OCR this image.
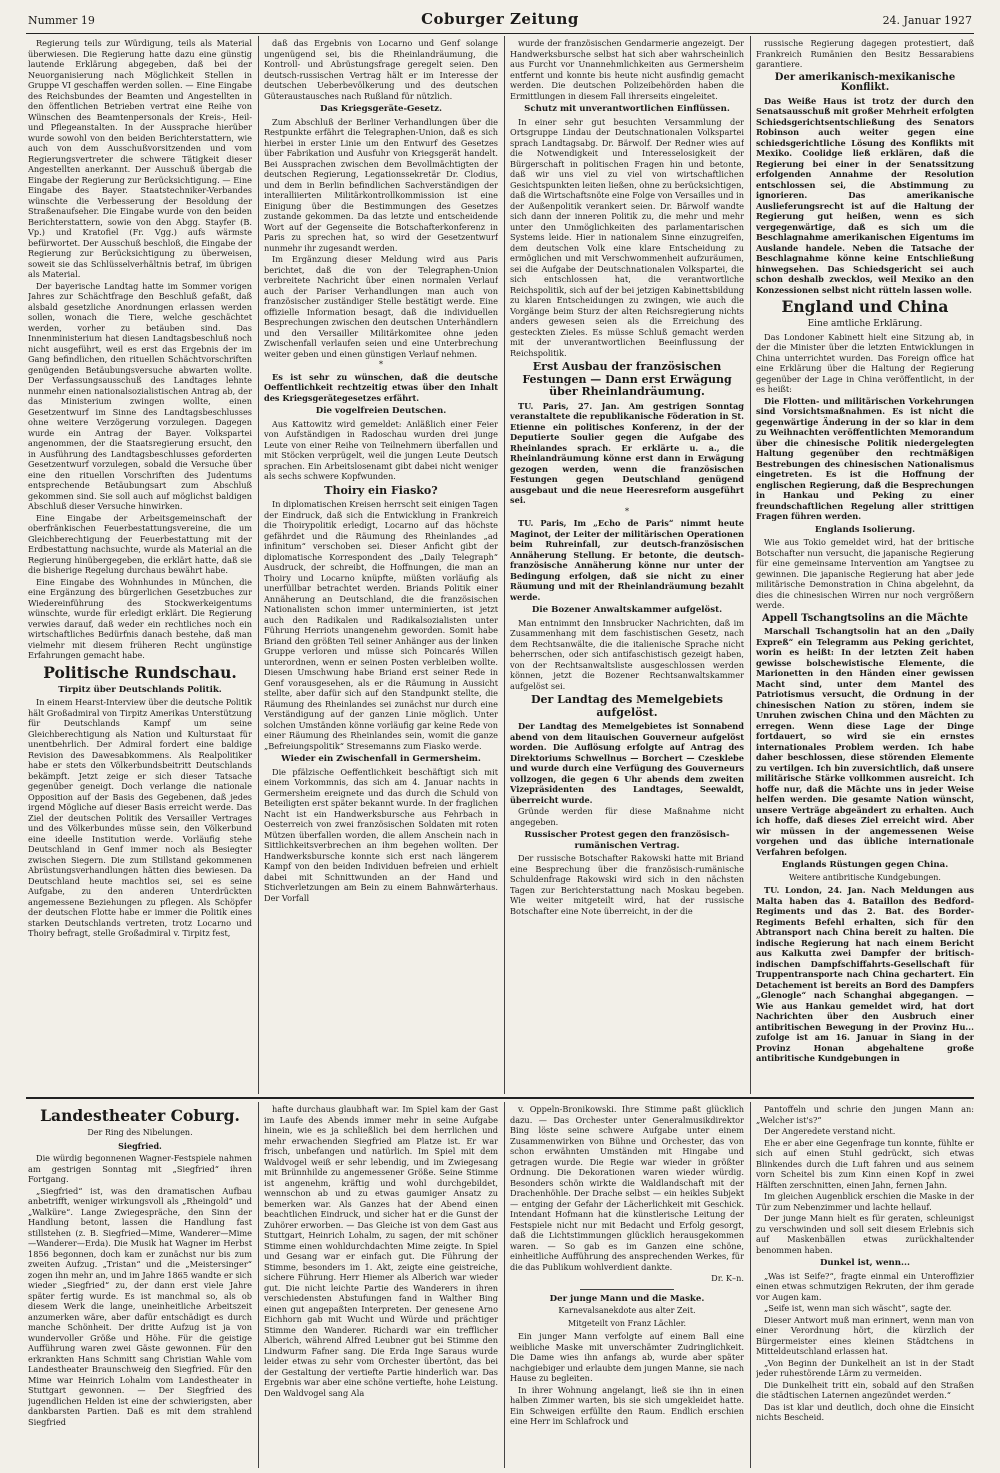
Nummer 19	Coburger Zeitung	24. Januar 1927

Regierung teils zur Würdigung, teils als Material überwiesen. Die Regierung hatte dazu eine günstig lautende Erklärung abgegeben, daß bei der Neuorganisierung nach Möglichkeit Stellen in Gruppe VI geschaffen werden sollen. — Eine Eingabe des Reichsbundes der Beamten und Angestellten in den öffentlichen Betrieben vertrat eine Reihe von Wünschen des Beamtenpersonals der Kreis-, Heil- und Pflegeanstalten. In der Aussprache hierüber wurde sowohl von den beiden Berichterstattern, wie auch von dem Ausschußvorsitzenden und vom Regierungsvertreter die schwere Tätigkeit dieser Angestellten anerkannt. Der Ausschuß übergab die Eingabe der Regierung zur Berücksichtigung. — Eine Eingabe des Bayer. Staatstechniker-Verbandes wünschte die Verbesserung der Besoldung der Straßenaufseher. Die Eingabe wurde von den beiden Berichterstattern, sowie von den Abgg. Stayfer (B. Vp.) und Kratofiel (Fr. Vgg.) aufs wärmste befürwortet. Der Ausschuß beschloß, die Eingabe der Regierung zur Berücksichtigung zu überweisen, soweit sie das Schlüsselverhältnis betraf, im übrigen als Material.

Der bayerische Landtag hatte im Sommer vorigen Jahres zur Schächtfrage den Beschluß gefaßt, daß alsbald gesetzliche Anordnungen erlassen werden sollen, wonach die Tiere, welche geschächtet werden, vorher zu betäuben sind. Das Innenministerium hat diesen Landtagsbeschluß noch nicht ausgeführt, weil es erst das Ergebnis der im Gang befindlichen, den rituellen Schächtvorschriften genügenden Betäubungsversuche abwarten wollte. Der Verfassungsausschuß des Landtages lehnte nunmehr einen nationalsozialistischen Antrag ab, der das Ministerium zwingen wollte, einen Gesetzentwurf im Sinne des Landtagsbeschlusses ohne weitere Verzögerung vorzulegen. Dagegen wurde ein Antrag der Bayer. Volkspartei angenommen, der die Staatsregierung ersucht, den in Ausführung des Landtagsbeschlusses geforderten Gesetzentwurf vorzulegen, sobald die Versuche über eine den rituellen Vorschriften des Judentums entsprechende Betäubungsart zum Abschluß gekommen sind. Sie soll auch auf möglichst baldigen Abschluß dieser Versuche hinwirken.

Eine Eingabe der Arbeitsgemeinschaft der oberfränkischen Feuerbestattungsvereine, die um Gleichberechtigung der Feuerbestattung mit der Erdbestattung nachsuchte, wurde als Material an die Regierung hinübergegeben, die erklärt hatte, daß sie die bisherige Regelung durchaus bewährt habe.

Eine Eingabe des Wohnhundes in München, die eine Ergänzung des bürgerlichen Gesetzbuches zur Wiedereinführung des Stockwerkeigentums wünschte, wurde für erledigt erklärt. Die Regierung verwies darauf, daß weder ein rechtliches noch ein wirtschaftliches Bedürfnis danach bestehe, daß man vielmehr mit diesem früheren Recht ungünstige Erfahrungen gemacht habe.

Politische Rundschau.
Tirpitz über Deutschlands Politik.

In einem Hearst-Interview über die deutsche Politik hält Großadmiral von Tirpitz Amerikas Unterstützung für Deutschlands Kampf um seine Gleichberechtigung als Nation und Kulturstaat für unentbehrlich. Der Admiral fordert eine baldige Revision des Dawesabkommens. Als Realpolitiker habe er stets den Völkerbundsbeitritt Deutschlands bekämpft. Jetzt zeige er sich dieser Tatsache gegenüber geneigt. Doch verlange die nationale Opposition auf der Basis des Gegebenen, daß jedes irgend Mögliche auf dieser Basis erreicht werde. Das Ziel der deutschen Politik des Versailler Vertrages und des Völkerbundes müsse sein, den Völkerbund eine ideelle Institution werde. Vorläufig stehe Deutschland in Genf immer noch als Besiegter zwischen Siegern. Die zum Stillstand gekommenen Abrüstungsverhandlungen hätten dies bewiesen. Da Deutschland heute machtlos sei, sei es seine Aufgabe, zu den anderen Unterdrückten angemessene Beziehungen zu pflegen. Als Schöpfer der deutschen Flotte habe er immer die Politik eines starken Deutschlands vertreten, trotz Locarno und Thoiry befragt, stelle Großadmiral v. Tirpitz fest,

daß das Ergebnis von Locarno und Genf solange ungenügend sei, bis die Rheinlandräumung, die Kontroll- und Abrüstungsfrage geregelt seien. Den deutsch-russischen Vertrag hält er im Interesse der deutschen Ueberbevölkerung und des deutschen Güteraustausches nach Rußland für nützlich.

Das Kriegsgeräte-Gesetz.

Zum Abschluß der Berliner Verhandlungen über die Restpunkte erfährt die Telegraphen-Union, daß es sich hierbei in erster Linie um den Entwurf des Gesetzes über Fabrikation und Ausfuhr von Kriegsgerät handelt. Bei Aussprachen zwischen dem Bevollmächtigten der deutschen Regierung, Legationssekretär Dr. Clodius, und dem in Berlin befindlichen Sachverständigen der interalliierten Militärkontrollkommission ist eine Einigung über die Bestimmungen des Gesetzes zustande gekommen. Da das letzte und entscheidende Wort auf der Gegenseite die Botschafterkonferenz in Paris zu sprechen hat, so wird der Gesetzentwurf nunmehr ihr zugesandt werden.

Im Ergänzung dieser Meldung wird aus Paris berichtet, daß die von der Telegraphen-Union verbreitete Nachricht über einen normalen Verlauf auch der Pariser Verhandlungen man auch von französischer zuständiger Stelle bestätigt werde. Eine offizielle Information besagt, daß die individuellen Besprechungen zwischen den deutschen Unterhändlern und den Versailler Militärkomitee ohne jeden Zwischenfall verlaufen seien und eine Unterbrechung weiter geben und einen günstigen Verlauf nehmen.

*

Es ist sehr zu wünschen, daß die deutsche Oeffentlichkeit rechtzeitig etwas über den Inhalt des Kriegsgerätegesetzes erfährt.

Die vogelfreien Deutschen.

Aus Kattowitz wird gemeldet: Anläßlich einer Feier von Aufständigen in Radoschau wurden drei junge Leute von einer Reihe von Teilnehmern überfallen und mit Stöcken verprügelt, weil die jungen Leute Deutsch sprachen. Ein Arbeitslosenamt gibt dabei nicht weniger als sechs schwere Kopfwunden.

Thoiry ein Fiasko?

In diplomatischen Kreisen herrscht seit einigen Tagen der Eindruck, daß sich die Entwicklung in Frankreich die Thoirypolitik erledigt, Locarno auf das höchste gefährdet und die Räumung des Rheinlandes „ad infinitum“ verschoben sei. Dieser Anficht gibt der diplomatische Korrespondent des „Daily Telegraph“ Ausdruck, der schreibt, die Hoffnungen, die man an Thoiry und Locarno knüpfte, müßten vorläufig als unerfüllbar betrachtet werden. Briands Politik einer Annäherung an Deutschland, die die französischen Nationalisten schon immer unterminierten, ist jetzt auch den Radikalen und Radikalsozialisten unter Führung Herriots unangenehm geworden. Somit habe Briand den größten Teil seiner Anhänger aus der linken Gruppe verloren und müsse sich Poincarés Willen unterordnen, wenn er seinen Posten verbleiben wollte. Diesen Umschwung habe Briand erst seiner Rede in Genf vorausgesehen, als er die Räumung in Aussicht stellte, aber dafür sich auf den Standpunkt stellte, die Räumung des Rheinlandes sei zunächst nur durch eine Verständigung auf der ganzen Linie möglich. Unter solchen Umständen könne vorläufig gar keine Rede von einer Räumung des Rheinlandes sein, womit die ganze „Befreiungspolitik“ Stresemanns zum Fiasko werde.

Wieder ein Zwischenfall in Germersheim.

Die pfälzische Oeffentlichkeit beschäftigt sich mit einem Vorkommnis, das sich am 4. Januar nachts in Germersheim ereignete und das durch die Schuld von Beteiligten erst später bekannt wurde. In der fraglichen Nacht ist ein Handwerksbursche aus Fehrbach in Oesterreich von zwei französischen Soldaten mit roten Mützen überfallen worden, die allem Anschein nach in Sittlichkeitsverbrechen an ihm begehen wollten. Der Handwerksbursche konnte sich erst nach längerem Kampf von den beiden Individuen befreien und erhielt dabei mit Schnittwunden an der Hand und Stichverletzungen am Bein zu einem Bahnwärterhaus. Der Vorfall

wurde der französischen Gendarmerie angezeigt. Der Handwerksbursche selbst hat sich aber wahrscheinlich aus Furcht vor Unannehmlichkeiten aus Germersheim entfernt und konnte bis heute nicht ausfindig gemacht werden. Die deutschen Polizeibehörden haben die Ermittlungen in diesem Fall ihrerseits eingeleitet.

Schutz mit unverantwortlichen Einflüssen.

In einer sehr gut besuchten Versammlung der Ortsgruppe Lindau der Deutschnationalen Volkspartei sprach Landtagsabg. Dr. Bärwolf. Der Redner wies auf die Notwendigkeit und Interesselosigkeit der Bürgerschaft in politischen Fragen hin und betonte, daß wir uns viel zu viel von wirtschaftlichen Gesichtspunkten leiten ließen, ohne zu berücksichtigen, daß die Wirtschaftsnöte eine Folge von Versailles und in der Außenpolitik verankert seien. Dr. Bärwolf wandte sich dann der inneren Politik zu, die mehr und mehr unter den Unmöglichkeiten des parlamentarischen Systems leide. Hier in nationalem Sinne einzugreifen, dem deutschen Volk eine klare Entscheidung zu ermöglichen und mit Verschwommenheit aufzuräumen, sei die Aufgabe der Deutschnationalen Volkspartei, die sich entschlossen hat, die verantwortliche Reichspolitik, sich auf der bei jetzigen Kabinettsbildung zu klaren Entscheidungen zu zwingen, wie auch die Vorgänge beim Sturz der alten Reichsregierung nichts anders gewesen seien als die Erreichung des gesteckten Zieles. Es müsse Schluß gemacht werden mit der unverantwortlichen Beeinflussung der Reichspolitik.

Erst Ausbau der französischen Festungen — Dann erst Erwägung über Rheinlandräumung.

TU. Paris, 27. Jan. Am gestrigen Sonntag veranstaltete die republikanische Föderation in St. Etienne ein politisches Konferenz, in der der Deputierte Soulier gegen die Aufgabe des Rheinlandes sprach. Er erklärte u. a., die Rheinlandräumung könne erst dann in Erwägung gezogen werden, wenn die französischen Festungen gegen Deutschland genügend ausgebaut und die neue Heeresreform ausgeführt sei.

*

TU. Paris, Im „Echo de Paris“ nimmt heute Maginot, der Leiter der militärischen Operationen beim Ruhreinfall, zur deutsch-französischen Annäherung Stellung. Er betonte, die deutsch-französische Annäherung könne nur unter der Bedingung erfolgen, daß sie nicht zu einer Räumung und mit der Rheinlandräumung bezahlt werde.

Die Bozener Anwaltskammer aufgelöst.

Man entnimmt den Innsbrucker Nachrichten, daß im Zusammenhang mit dem faschistischen Gesetz, nach dem Rechtsanwälte, die die italienische Sprache nicht beherrschen, oder sich antifaschistisch gezeigt haben, von der Rechtsanwaltsliste ausgeschlossen werden können, jetzt die Bozener Rechtsanwaltskammer aufgelöst sei.

Der Landtag des Memelgebiets aufgelöst.

Der Landtag des Memelgebietes ist Sonnabend abend von dem litauischen Gouverneur aufgelöst worden. Die Auflösung erfolgte auf Antrag des Direktoriums Schwellnus — Borchert — Czesklebe und wurde durch eine Verfügung des Gouverneurs vollzogen, die gegen 6 Uhr abends dem zweiten Vizepräsidenten des Landtages, Seewaldt, überreicht wurde.

Gründe werden für diese Maßnahme nicht angegeben.

Russischer Protest gegen den französisch-rumänischen Vertrag.

Der russische Botschafter Rakowski hatte mit Briand eine Besprechung über die französisch-rumänische Schuldenfrage Rakowski wird sich in den nächsten Tagen zur Berichterstattung nach Moskau begeben. Wie weiter mitgeteilt wird, hat der russische Botschafter eine Note überreicht, in der die

russische Regierung dagegen protestiert, daß Frankreich Rumänien den Besitz Bessarabiens garantiere.

Der amerikanisch-mexikanische Konflikt.

Das Weiße Haus ist trotz der durch den Senatsausschuß mit großer Mehrheit erfolgten Schiedsgerichtsentschließung des Senators Robinson auch weiter gegen eine schiedsgerichtliche Lösung des Konflikts mit Mexiko. Coolidge ließ erklären, daß die Regierung bei einer in der Senatssitzung erfolgenden Annahme der Resolution entschlossen sei, die Abstimmung zu ignorieren. Das amerikanische Auslieferungsrecht ist auf die Haltung der Regierung gut heißen, wenn es sich vergegenwärtige, daß es sich um die Beschlagnahme amerikanischen Eigentums im Auslande handele. Neben die Tatsache der Beschlagnahme könne keine Entschließung hinwegsehen. Das Schiedsgericht sei auch schon deshalb zwecklos, weil Mexiko an den Konzessionen selbst nicht rütteln lassen wolle.

England und China
Eine amtliche Erklärung.

Das Londoner Kabinett hielt eine Sitzung ab, in der die Minister über die letzten Entwicklungen in China unterrichtet wurden. Das Foreign office hat eine Erklärung über die Haltung der Regierung gegenüber der Lage in China veröffentlicht, in der es heißt:

Die Flotten- und militärischen Vorkehrungen sind Vorsichtsmaßnahmen. Es ist nicht die gegenwärtige Änderung in der so klar in dem zu Weihnachten veröffentlichten Memorandum über die chinesische Politik niedergelegten Haltung gegenüber den rechtmäßigen Bestrebungen des chinesischen Nationalismus eingetreten. Es ist die Hoffnung der englischen Regierung, daß die Besprechungen in Hankau und Peking zu einer freundschaftlichen Regelung aller strittigen Fragen führen werden.

Englands Isolierung.

Wie aus Tokio gemeldet wird, hat der britische Botschafter nun versucht, die japanische Regierung für eine gemeinsame Intervention am Yangtsee zu gewinnen. Die japanische Regierung hat aber jede militärische Demonstration in China abgelehnt, da dies die chinesischen Wirren nur noch vergrößern werde.

Appell Tschangtsolins an die Mächte

Marschall Tschangtsolin hat an den „Daily Expreß“ ein Telegramm aus Peking gerichtet, worin es heißt: In der letzten Zeit haben gewisse bolschewistische Elemente, die Marionetten in den Händen einer gewissen Macht sind, unter dem Mantel des Patriotismus versucht, die Ordnung in der chinesischen Nation zu stören, indem sie Unruhen zwischen China und den Mächten zu erregen. Wenn diese Lage der Dinge fortdauert, so wird sie ein ernstes internationales Problem werden. Ich habe daher beschlossen, diese störenden Elemente zu vertilgen. Ich bin zuversichtlich, daß unsere militärische Stärke vollkommen ausreicht. Ich hoffe nur, daß die Mächte uns in jeder Weise helfen werden. Die gesamte Nation wünscht, unsere Verträge abgeändert zu erhalten. Auch ich hoffe, daß dieses Ziel erreicht wird. Aber wir müssen in der angemessenen Weise vorgehen und das übliche internationale Verfahren befolgen.

Englands Rüstungen gegen China.
Weitere antibritische Kundgebungen.

TU. London, 24. Jan. Nach Meldungen aus Malta haben das 4. Bataillon des Bedford-Regiments und das 2. Bat. des Border-Regiments Befehl erhalten, sich für den Abtransport nach China bereit zu halten. Die indische Regierung hat nach einem Bericht aus Kalkutta zwei Dampfer der britisch-indischen Dampfschiffahrts-Gesellschaft für Truppentransporte nach China gechartert. Ein Detachement ist bereits an Bord des Dampfers „Glenogle“ nach Schanghai abgegangen. — Wie aus Hankau gemeldet wird, hat dort Nachrichten über den Ausbruch einer antibritischen Bewegung in der Provinz Hu... zufolge ist am 16. Januar in Siang in der Provinz Honan abgehaltene große antibritische Kundgebungen in

Landestheater Coburg.
Der Ring des Nibelungen.
Siegfried.

Die würdig begonnenen Wagner-Festspiele nahmen am gestrigen Sonntag mit „Siegfried“ ihren Fortgang.

„Siegfried“ ist, was den dramatischen Aufbau anbetrifft, weniger wirkungsvoll als „Rheingold“ und „Walküre“. Lange Zwiegespräche, den Sinn der Handlung betont, lassen die Handlung fast stillstehen (z. B. Siegfried—Mime, Wanderer—Mime—Wanderer—Erda). Die Musik hat Wagner im Herbst 1856 begonnen, doch kam er zunächst nur bis zum zweiten Aufzug. „Tristan“ und die „Meistersinger“ zogen ihn mehr an, und im Jahre 1865 wandte er sich wieder „Siegfried“ zu, der dann erst viele Jahre später fertig wurde. Es ist manchmal so, als ob diesem Werk die lange, uneinheitliche Arbeitszeit anzumerken wäre, aber dafür entschädigt es durch manche Schönheit. Der dritte Aufzug ist ja von wundervoller Größe und Höhe. Für die geistige Aufführung waren zwei Gäste gewonnen. Für den erkrankten Hans Schmitt sang Christian Wahle vom Landestheater Braunschweig den Siegfried. Für den Mime war Heinrich Lohalm vom Landestheater in Stuttgart gewonnen. — Der Siegfried des jugendlichen Helden ist eine der schwierigsten, aber dankbarsten Partien. Daß es mit dem strahlend Siegfried

hafte durchaus glaubhaft war. Im Spiel kam der Gast im Laufe des Abends immer mehr in seine Aufgabe hinein, wie es ja schließlich bei dem herrlichen und mehr erwachenden Siegfried am Platze ist. Er war frisch, unbefangen und natürlich. Im Spiel mit dem Waldvogel weiß er sehr lebendig, und im Zwiegesang mit Brünnhilde zu angemessener Größe. Seine Stimme ist angenehm, kräftig und wohl durchgebildet, wennschon ab und zu etwas gaumiger Ansatz zu bemerken war. Als Ganzes hat der Abend einen beachtlichen Eindruck, und sicher hat er die Gunst der Zuhörer erworben. — Das Gleiche ist von dem Gast aus Stuttgart, Heinrich Lohalm, zu sagen, der mit schöner Stimme einen wohldurchdachten Mime zeigte. In Spiel und Gesang war er einfach gut. Die Führung der Stimme, besonders im 1. Akt, zeigte eine geistreiche, sichere Führung. Herr Hiemer als Alberich war wieder gut. Die nicht leichte Partie des Wanderers in ihren verschiedensten Abstufungen fand in Walther Bing einen gut angepaßten Interpreten. Der genesene Arno Eichhorn gab mit Wucht und Würde und prächtiger Stimme den Wanderer. Richardi war ein trefflicher Alberich, während Alfred Leubner gut bei Stimme den Lindwurm Fafner sang. Die Erda Inge Saraus wurde leider etwas zu sehr vom Orchester übertönt, das bei der Gestaltung der vertiefte Partie hinderlich war. Das Ergebnis war aber eine schöne vertiefte, hohe Leistung. Den Waldvogel sang Ala

v. Oppeln-Bronikowski. Ihre Stimme paßt glücklich dazu. — Das Orchester unter Generalmusikdirektor Bing löste seine schwere Aufgabe unter einem Zusammenwirken von Bühne und Orchester, das von schon erwähnten Umständen mit Hingabe und getragen wurde. Die Regie war wieder in größter Ordnung. Die Dekorationen waren wieder würdig. Besonders schön wirkte die Waldlandschaft mit der Drachenhöhle. Der Drache selbst — ein heikles Subjekt — entging der Gefahr der Lächerlichkeit mit Geschick. Intendant Hofmann hat die künstlerische Leitung der Festspiele nicht nur mit Bedacht und Erfolg gesorgt, daß die Lichtstimmungen glücklich herausgekommen waren. — So gab es im Ganzen eine schöne, einheitliche Aufführung des ansprechenden Werkes, für die das Publikum wohlverdient dankte.

Dr. K–n.
Der junge Mann und die Maske.
Karnevalsanekdote aus alter Zeit.
Mitgeteilt von Franz Lächler.

Ein junger Mann verfolgte auf einem Ball eine weibliche Maske mit unverschämter Zudringlichkeit. Die Dame wies ihn anfangs ab, wurde aber später nachgiebiger und erlaubte dem jungen Manne, sie nach Hause zu begleiten.

In ihrer Wohnung angelangt, ließ sie ihn in einen halben Zimmer warten, bis sie sich umgekleidet hatte. Ein Schweigen erfüllte den Raum. Endlich erschien eine Herr im Schlafrock und

Pantoffeln und schrie den jungen Mann an: „Welcher ist's?“

Der Angeredete verstand nicht.

Ehe er aber eine Gegenfrage tun konnte, fühlte er sich auf einen Stuhl gedrückt, sich etwas Blinkendes durch die Luft fahren und aus seinem vorn Scheitel bis zum Kinn einen Kopf in zwei Hälften zerschnitten, einen Jahn, fernen Jahn.

Im gleichen Augenblick erschien die Maske in der Tür zum Nebenzimmer und lachte hellauf.

Der junge Mann hielt es für geraten, schleunigst zu verschwinden und soll seit diesem Erlebnis sich auf Maskenbällen etwas zurückhaltender benommen haben.

Dunkel ist, wenn...

„Was ist Seife?“, fragte einmal ein Unteroffizier einen etwas schmutzigen Rekruten, der ihm gerade vor Augen kam.

„Seife ist, wenn man sich wäscht“, sagte der.

Dieser Antwort muß man erinnert, wenn man von einer Verordnung hört, die kürzlich der Bürgermeister eines kleinen Städtchens in Mitteldeutschland erlassen hat.

„Von Beginn der Dunkelheit an ist in der Stadt jeder ruhestörende Lärm zu vermeiden.

Die Dunkelheit tritt ein, sobald auf den Straßen die städtischen Laternen angezündet werden.“

Das ist klar und deutlich, doch ohne die Einsicht nichts Bescheid.
